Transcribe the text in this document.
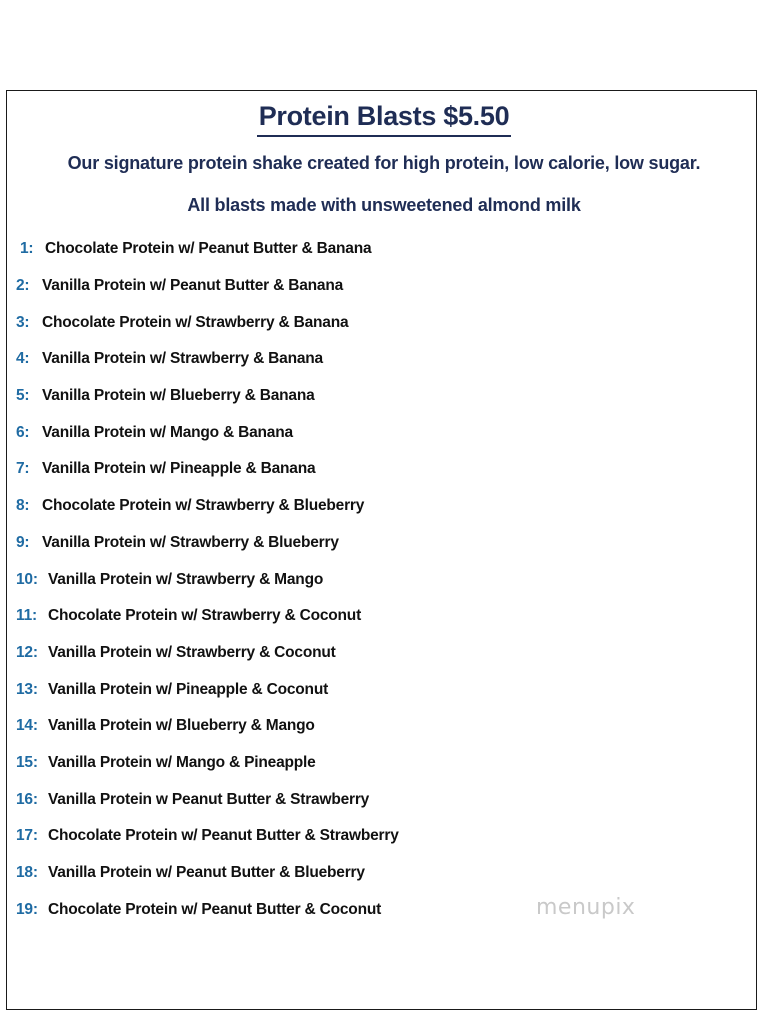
Protein Blasts $5.50
Our signature protein shake created for high protein, low calorie, low sugar.
All blasts made with unsweetened almond milk
1: Chocolate Protein w/ Peanut Butter & Banana
2: Vanilla Protein w/ Peanut Butter & Banana
3: Chocolate Protein w/ Strawberry & Banana
4: Vanilla Protein w/ Strawberry & Banana
5: Vanilla Protein w/ Blueberry & Banana
6: Vanilla Protein w/ Mango & Banana
7: Vanilla Protein w/ Pineapple & Banana
8: Chocolate Protein w/ Strawberry & Blueberry
9: Vanilla Protein w/ Strawberry & Blueberry
10: Vanilla Protein w/ Strawberry & Mango
11: Chocolate Protein w/ Strawberry & Coconut
12: Vanilla Protein w/ Strawberry & Coconut
13: Vanilla Protein w/ Pineapple & Coconut
14: Vanilla Protein w/ Blueberry & Mango
15: Vanilla Protein w/ Mango & Pineapple
16: Vanilla Protein w Peanut Butter & Strawberry
17: Chocolate Protein w/ Peanut Butter & Strawberry
18: Vanilla Protein w/ Peanut Butter & Blueberry
19: Chocolate Protein w/ Peanut Butter & Coconut	menupix
